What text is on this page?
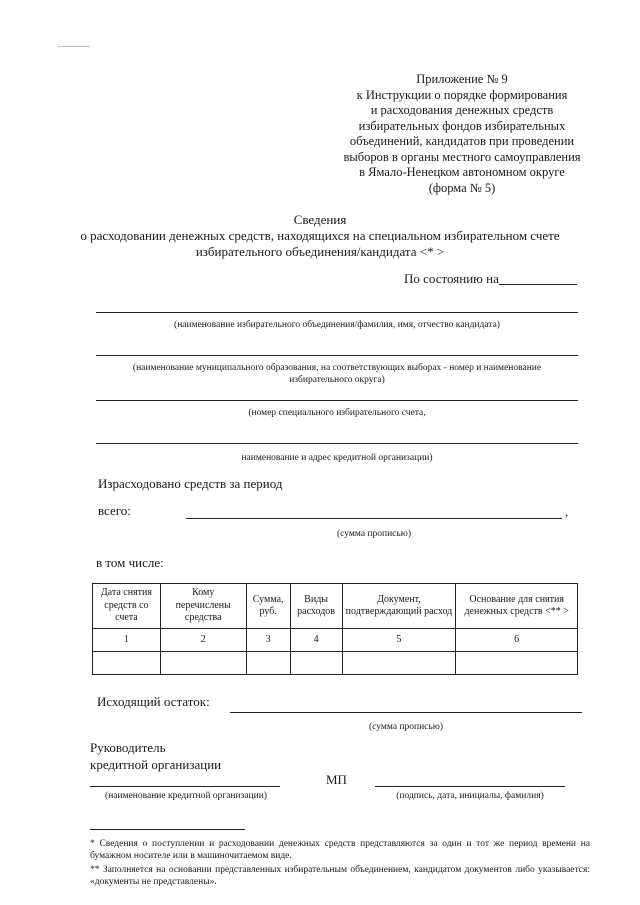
Приложение № 9
к Инструкции о порядке формирования
и расходования денежных средств
избирательных фондов избирательных
объединений, кандидатов при проведении
выборов в органы местного самоуправления
в Ямало-Ненецком автономном округе
(форма № 5)
Сведения
о расходовании денежных средств, находящихся на специальном избирательном счете
избирательного объединения/кандидата <* >
По состоянию на
(наименование избирательного объединения/фамилия, имя, отчество кандидата)
(наименование муниципального образования, на соответствующих выборах - номер и наименование
избирательного округа)
(номер специального избирательного счета,
наименование и адрес кредитной организации)
Израсходовано средств за период
всего:	,
(сумма прописью)
в том числе:
Дата снятия средств со счета	Кому перечислены средства	Сумма, руб.	Виды расходов	Документ, подтверждающий расход	Основание для снятия денежных средств <** >
1	2	3	4	5	6

Исходящий остаток:
(сумма прописью)
Руководитель
кредитной организации
МП
(наименование кредитной организации)	(подпись, дата, инициалы, фамилия)
* Сведения о поступлении и расходовании денежных средств представляются за один и тот же период времени на бумажном носителе или в машиночитаемом виде.
** Заполняется на основании представленных избирательным объединением, кандидатом документов либо указывается: «документы не представлены».
